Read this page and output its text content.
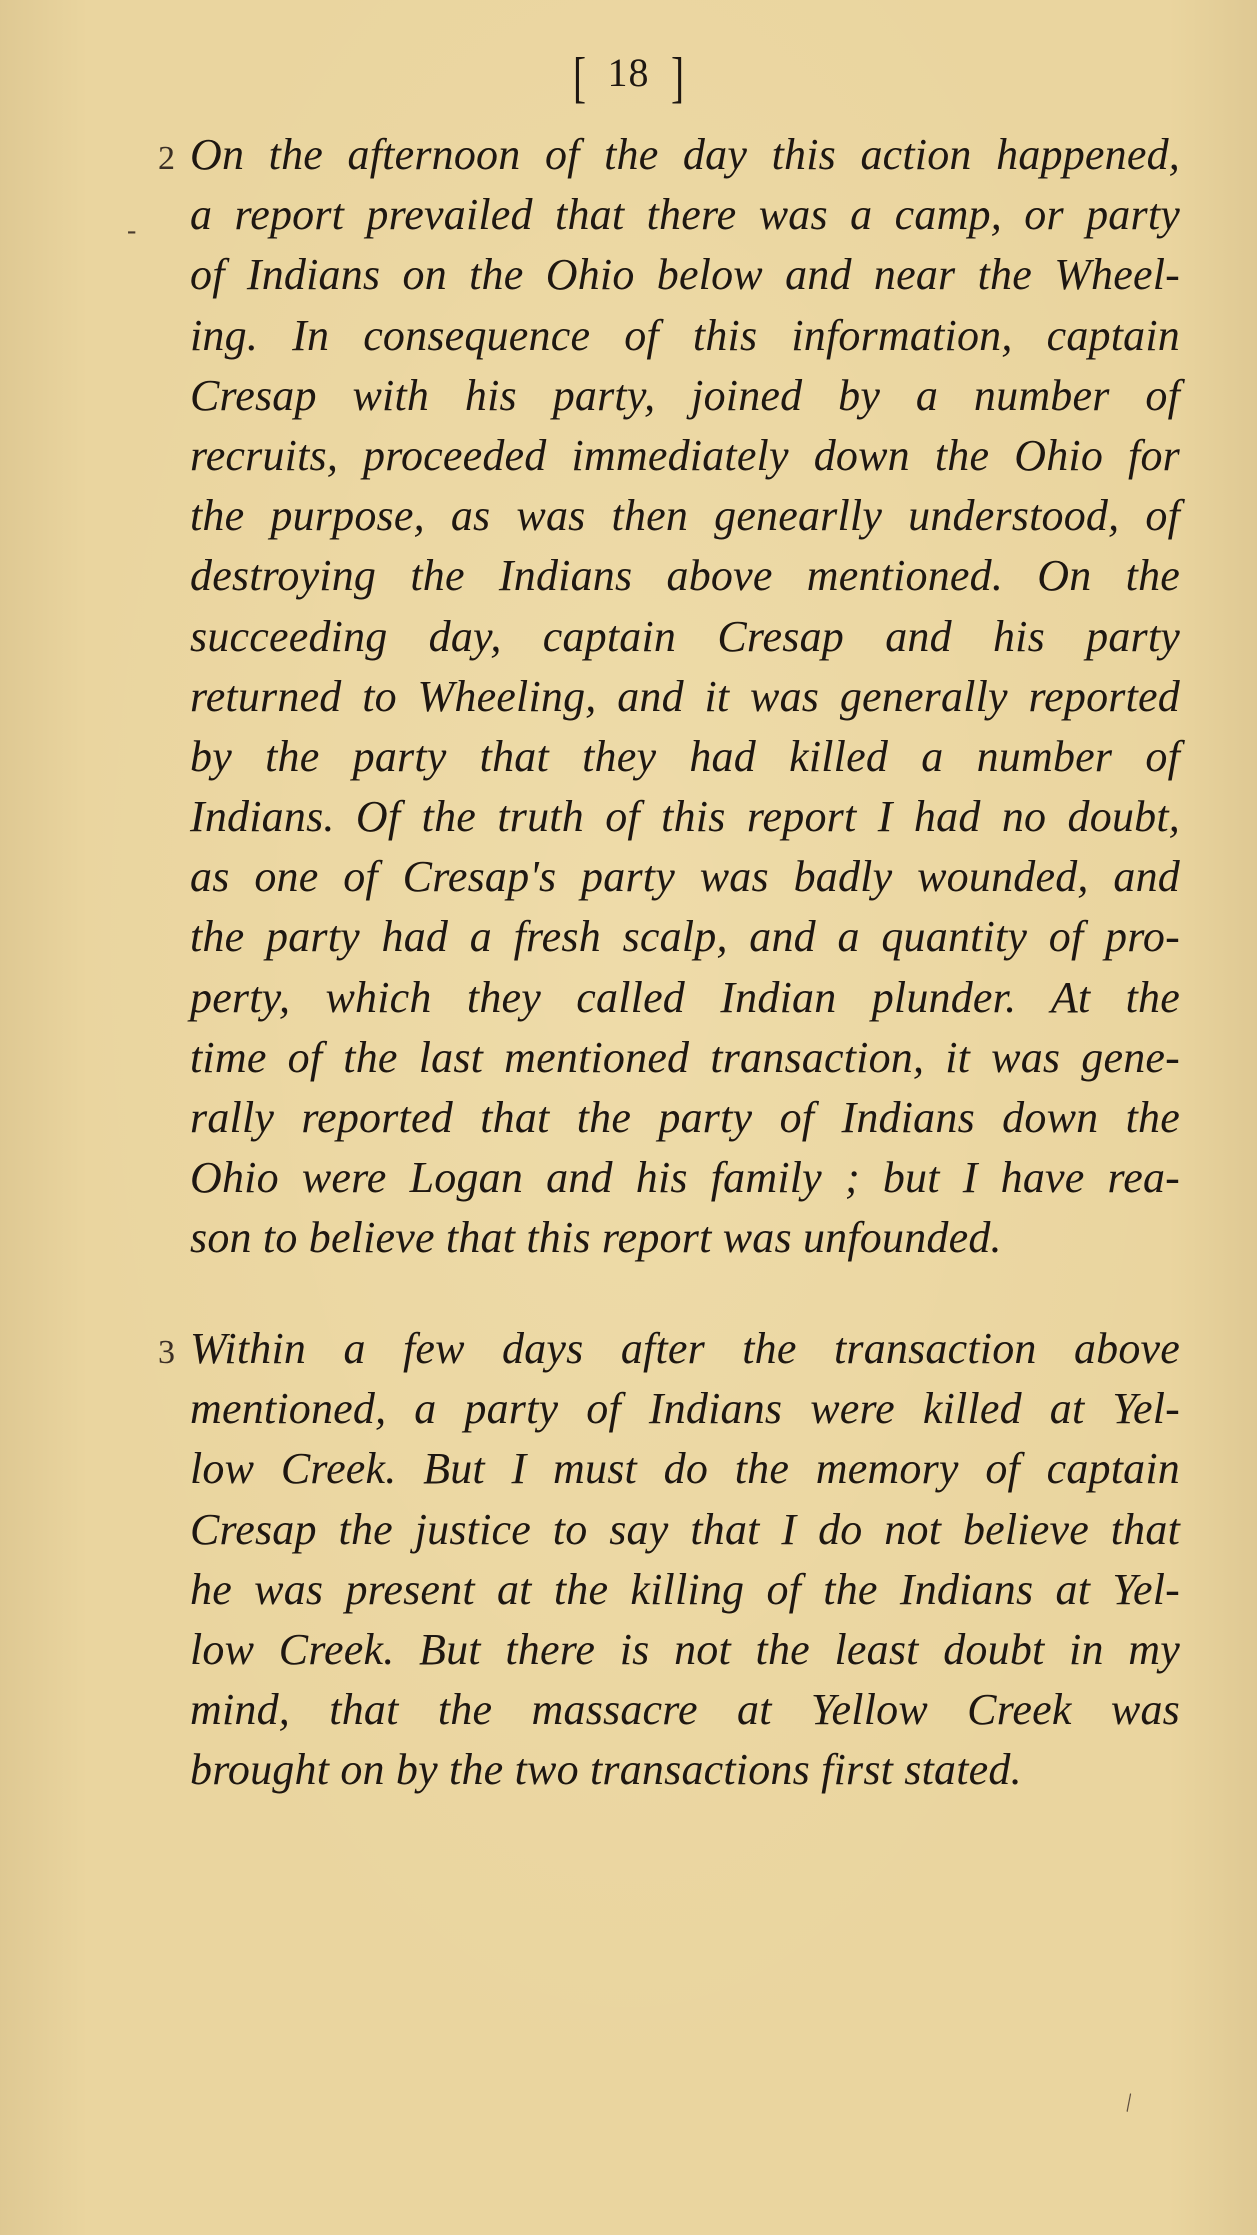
[ 18 ]
2
-
3
On the afternoon of the day this action happened,
a report prevailed that there was a camp, or party
of Indians on the Ohio below and near the Wheel-
ing. In consequence of this information, captain
Cresap with his party, joined by a number of
recruits, proceeded immediately down the Ohio for
the purpose, as was then genearlly understood, of
destroying the Indians above mentioned. On the
succeeding day, captain Cresap and his party
returned to Wheeling, and it was generally reported
by the party that they had killed a number of
Indians. Of the truth of this report I had no doubt,
as one of Cresap's party was badly wounded, and
the party had a fresh scalp, and a quantity of pro-
perty, which they called Indian plunder. At the
time of the last mentioned transaction, it was gene-
rally reported that the party of Indians down the
Ohio were Logan and his family ; but I have rea-
son to believe that this report was unfounded.
Within a few days after the transaction above
mentioned, a party of Indians were killed at Yel-
low Creek. But I must do the memory of captain
Cresap the justice to say that I do not believe that
he was present at the killing of the Indians at Yel-
low Creek. But there is not the least doubt in my
mind, that the massacre at Yellow Creek was
brought on by the two transactions first stated.
\
